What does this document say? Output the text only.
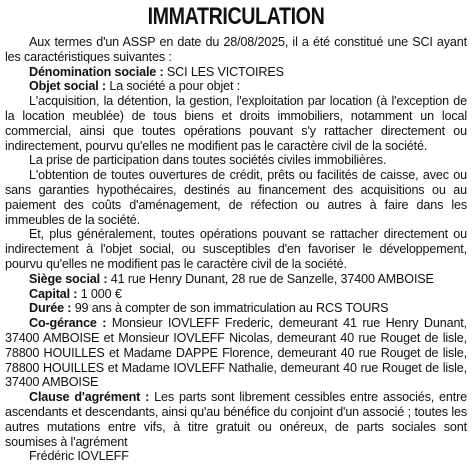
IMMATRICULATION

Aux termes d'un ASSP en date du 28/08/2025, il a été constitué une SCI ayant les caractéristiques suivantes :

Dénomination sociale : SCI LES VICTOIRES

Objet social : La société a pour objet :

L'acquisition, la détention, la gestion, l'exploitation par location (à l'exception de la location meublée) de tous biens et droits immobiliers, notamment un local commercial, ainsi que toutes opérations pouvant s'y rattacher directement ou indirectement, pourvu qu'elles ne modifient pas le caractère civil de la société.

La prise de participation dans toutes sociétés civiles immobilières.

L'obtention de toutes ouvertures de crédit, prêts ou facilités de caisse, avec ou sans garanties hypothécaires, destinés au financement des acquisitions ou au paiement des coûts d'aménagement, de réfection ou autres à faire dans les immeubles de la société.

Et, plus généralement, toutes opérations pouvant se rattacher directement ou indirectement à l'objet social, ou susceptibles d'en favoriser le développement, pourvu qu'elles ne modifient pas le caractère civil de la société.

Siège social : 41 rue Henry Dunant, 28 rue de Sanzelle, 37400 AMBOISE

Capital : 1 000 €

Durée : 99 ans à compter de son immatriculation au RCS TOURS

Co-gérance : Monsieur IOVLEFF Frederic, demeurant 41 rue Henry Dunant, 37400 AMBOISE et Monsieur IOVLEFF Nicolas, demeurant 40 rue Rouget de lisle, 78800 HOUILLES et Madame DAPPE Florence, demeurant 40 rue Rouget de lisle, 78800 HOUILLES et Madame IOVLEFF Nathalie, demeurant 40 rue Rouget de lisle, 37400 AMBOISE

Clause d'agrément : Les parts sont librement cessibles entre associés, entre ascendants et descendants, ainsi qu'au bénéfice du conjoint d'un associé ; toutes les autres mutations entre vifs, à titre gratuit ou onéreux, de parts sociales sont soumises à l'agrément

Frédéric IOVLEFF
